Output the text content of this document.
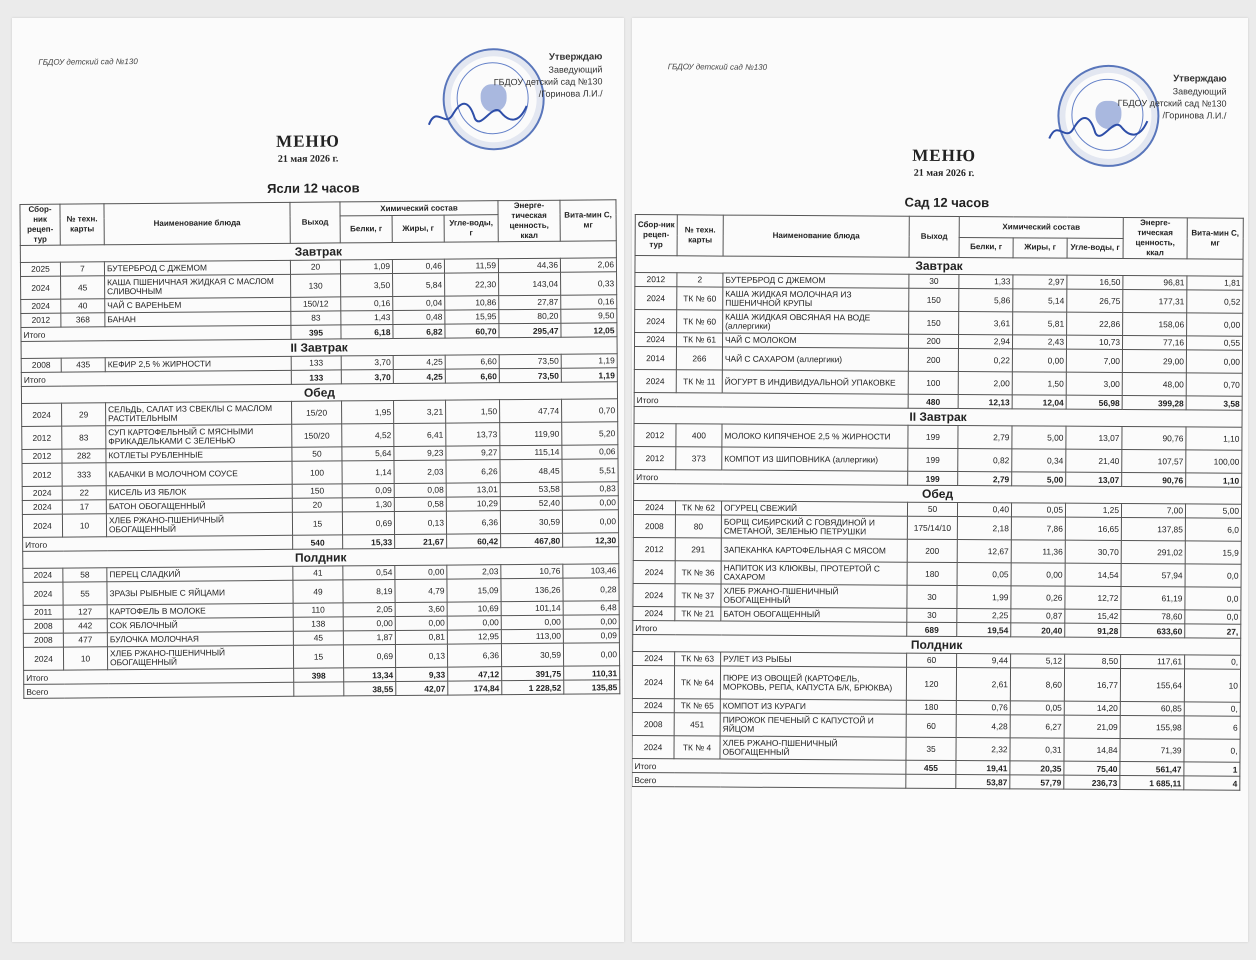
ГБДОУ детский сад №130	Утверждаю
Заведующий
ГБДОУ детский сад №130
/Горинова Л.И./
МЕНЮ
21 мая 2026 г.
Ясли 12 часов
Сбор-ник рецеп-тур	№ техн. карты	Наименование блюда	Выход	Химический состав			Энерге-тическая ценность, ккал	Вита-мин С, мг
				Белки, г	Жиры, г	Угле-воды, г		
Завтрак								
2025	7	БУТЕРБРОД С ДЖЕМОМ	20	1,09	0,46	11,59	44,36	2,06
2024	45	КАША ПШЕНИЧНАЯ ЖИДКАЯ С МАСЛОМ СЛИВОЧНЫМ	130	3,50	5,84	22,30	143,04	0,33
2024	40	ЧАЙ С ВАРЕНЬЕМ	150/12	0,16	0,04	10,86	27,87	0,16
2012	368	БАНАН	83	1,43	0,48	15,95	80,20	9,50
Итого			395	6,18	6,82	60,70	295,47	12,05
II Завтрак								
2008	435	КЕФИР 2,5 % ЖИРНОСТИ	133	3,70	4,25	6,60	73,50	1,19
Итого			133	3,70	4,25	6,60	73,50	1,19
Обед								
2024	29	СЕЛЬДЬ, САЛАТ ИЗ СВЕКЛЫ С МАСЛОМ РАСТИТЕЛЬНЫМ	15/20	1,95	3,21	1,50	47,74	0,70
2012	83	СУП КАРТОФЕЛЬНЫЙ С МЯСНЫМИ ФРИКАДЕЛЬКАМИ С ЗЕЛЕНЬЮ	150/20	4,52	6,41	13,73	119,90	5,20
2012	282	КОТЛЕТЫ РУБЛЕННЫЕ	50	5,64	9,23	9,27	115,14	0,06
2012	333	КАБАЧКИ В МОЛОЧНОМ СОУСЕ	100	1,14	2,03	6,26	48,45	5,51
2024	22	КИСЕЛЬ ИЗ ЯБЛОК	150	0,09	0,08	13,01	53,58	0,83
2024	17	БАТОН ОБОГАЩЕННЫЙ	20	1,30	0,58	10,29	52,40	0,00
2024	10	ХЛЕБ РЖАНО-ПШЕНИЧНЫЙ ОБОГАЩЕННЫЙ	15	0,69	0,13	6,36	30,59	0,00
Итого			540	15,33	21,67	60,42	467,80	12,30
Полдник								
2024	58	ПЕРЕЦ СЛАДКИЙ	41	0,54	0,00	2,03	10,76	103,46
2024	55	ЗРАЗЫ РЫБНЫЕ С ЯЙЦАМИ	49	8,19	4,79	15,09	136,26	0,28
2011	127	КАРТОФЕЛЬ В МОЛОКЕ	110	2,05	3,60	10,69	101,14	6,48
2008	442	СОК ЯБЛОЧНЫЙ	138	0,00	0,00	0,00	0,00	0,00
2008	477	БУЛОЧКА МОЛОЧНАЯ	45	1,87	0,81	12,95	113,00	0,09
2024	10	ХЛЕБ РЖАНО-ПШЕНИЧНЫЙ ОБОГАЩЕННЫЙ	15	0,69	0,13	6,36	30,59	0,00
Итого			398	13,34	9,33	47,12	391,75	110,31
Всего				38,55	42,07	174,84	1 228,52	135,85
ГБДОУ детский сад №130
Утверждаю
Заведующий
ГБДОУ детский сад №130
/Горинова Л.И./
МЕНЮ
21 мая 2026 г.
Сад 12 часов
Сбор-ник рецеп-тур	№ техн. карты	Наименование блюда	Выход	Химический состав			Энерге-тическая ценность, ккал	Вита-мин С, мг
				Белки, г	Жиры, г	Угле-воды, г		
Завтрак								
2012	2	БУТЕРБРОД С ДЖЕМОМ	30	1,33	2,97	16,50	96,81	1,81
2024	ТК № 60	КАША ЖИДКАЯ МОЛОЧНАЯ ИЗ ПШЕНИЧНОЙ КРУПЫ	150	5,86	5,14	26,75	177,31	0,52
2024	ТК № 60	КАША ЖИДКАЯ ОВСЯНАЯ НА ВОДЕ (аллергики)	150	3,61	5,81	22,86	158,06	0,00
2024	ТК № 61	ЧАЙ С МОЛОКОМ	200	2,94	2,43	10,73	77,16	0,55
2014	266	ЧАЙ С САХАРОМ (аллергики)	200	0,22	0,00	7,00	29,00	0,00
2024	ТК № 11	ЙОГУРТ В ИНДИВИДУАЛЬНОЙ УПАКОВКЕ	100	2,00	1,50	3,00	48,00	0,70
Итого			480	12,13	12,04	56,98	399,28	3,58
II Завтрак								
2012	400	МОЛОКО КИПЯЧЕНОЕ 2,5 % ЖИРНОСТИ	199	2,79	5,00	13,07	90,76	1,10
2012	373	КОМПОТ ИЗ ШИПОВНИКА (аллергики)	199	0,82	0,34	21,40	107,57	100,00
Итого			199	2,79	5,00	13,07	90,76	1,10
Обед								
2024	ТК № 62	ОГУРЕЦ СВЕЖИЙ	50	0,40	0,05	1,25	7,00	5,00
2008	80	БОРЩ СИБИРСКИЙ С ГОВЯДИНОЙ И СМЕТАНОЙ, ЗЕЛЕНЬЮ ПЕТРУШКИ	175/14/10	2,18	7,86	16,65	137,85	6,0
2012	291	ЗАПЕКАНКА КАРТОФЕЛЬНАЯ С МЯСОМ	200	12,67	11,36	30,70	291,02	15,9
2024	ТК № 36	НАПИТОК ИЗ КЛЮКВЫ, ПРОТЕРТОЙ С САХАРОМ	180	0,05	0,00	14,54	57,94	0,0
2024	ТК № 37	ХЛЕБ РЖАНО-ПШЕНИЧНЫЙ ОБОГАЩЕННЫЙ	30	1,99	0,26	12,72	61,19	0,0
2024	ТК № 21	БАТОН ОБОГАЩЕННЫЙ	30	2,25	0,87	15,42	78,60	0,0
Итого			689	19,54	20,40	91,28	633,60	27,
Полдник								
2024	ТК № 63	РУЛЕТ ИЗ РЫБЫ	60	9,44	5,12	8,50	117,61	0,
2024	ТК № 64	ПЮРЕ ИЗ ОВОЩЕЙ (КАРТОФЕЛЬ, МОРКОВЬ, РЕПА, КАПУСТА Б/К, БРЮКВА)	120	2,61	8,60	16,77	155,64	10
2024	ТК № 65	КОМПОТ ИЗ КУРАГИ	180	0,76	0,05	14,20	60,85	0,
2008	451	ПИРОЖОК ПЕЧЕНЫЙ С КАПУСТОЙ И ЯЙЦОМ	60	4,28	6,27	21,09	155,98	6
2024	ТК № 4	ХЛЕБ РЖАНО-ПШЕНИЧНЫЙ ОБОГАЩЕННЫЙ	35	2,32	0,31	14,84	71,39	0,
Итого			455	19,41	20,35	75,40	561,47	1
Всего				53,87	57,79	236,73	1 685,11	4
